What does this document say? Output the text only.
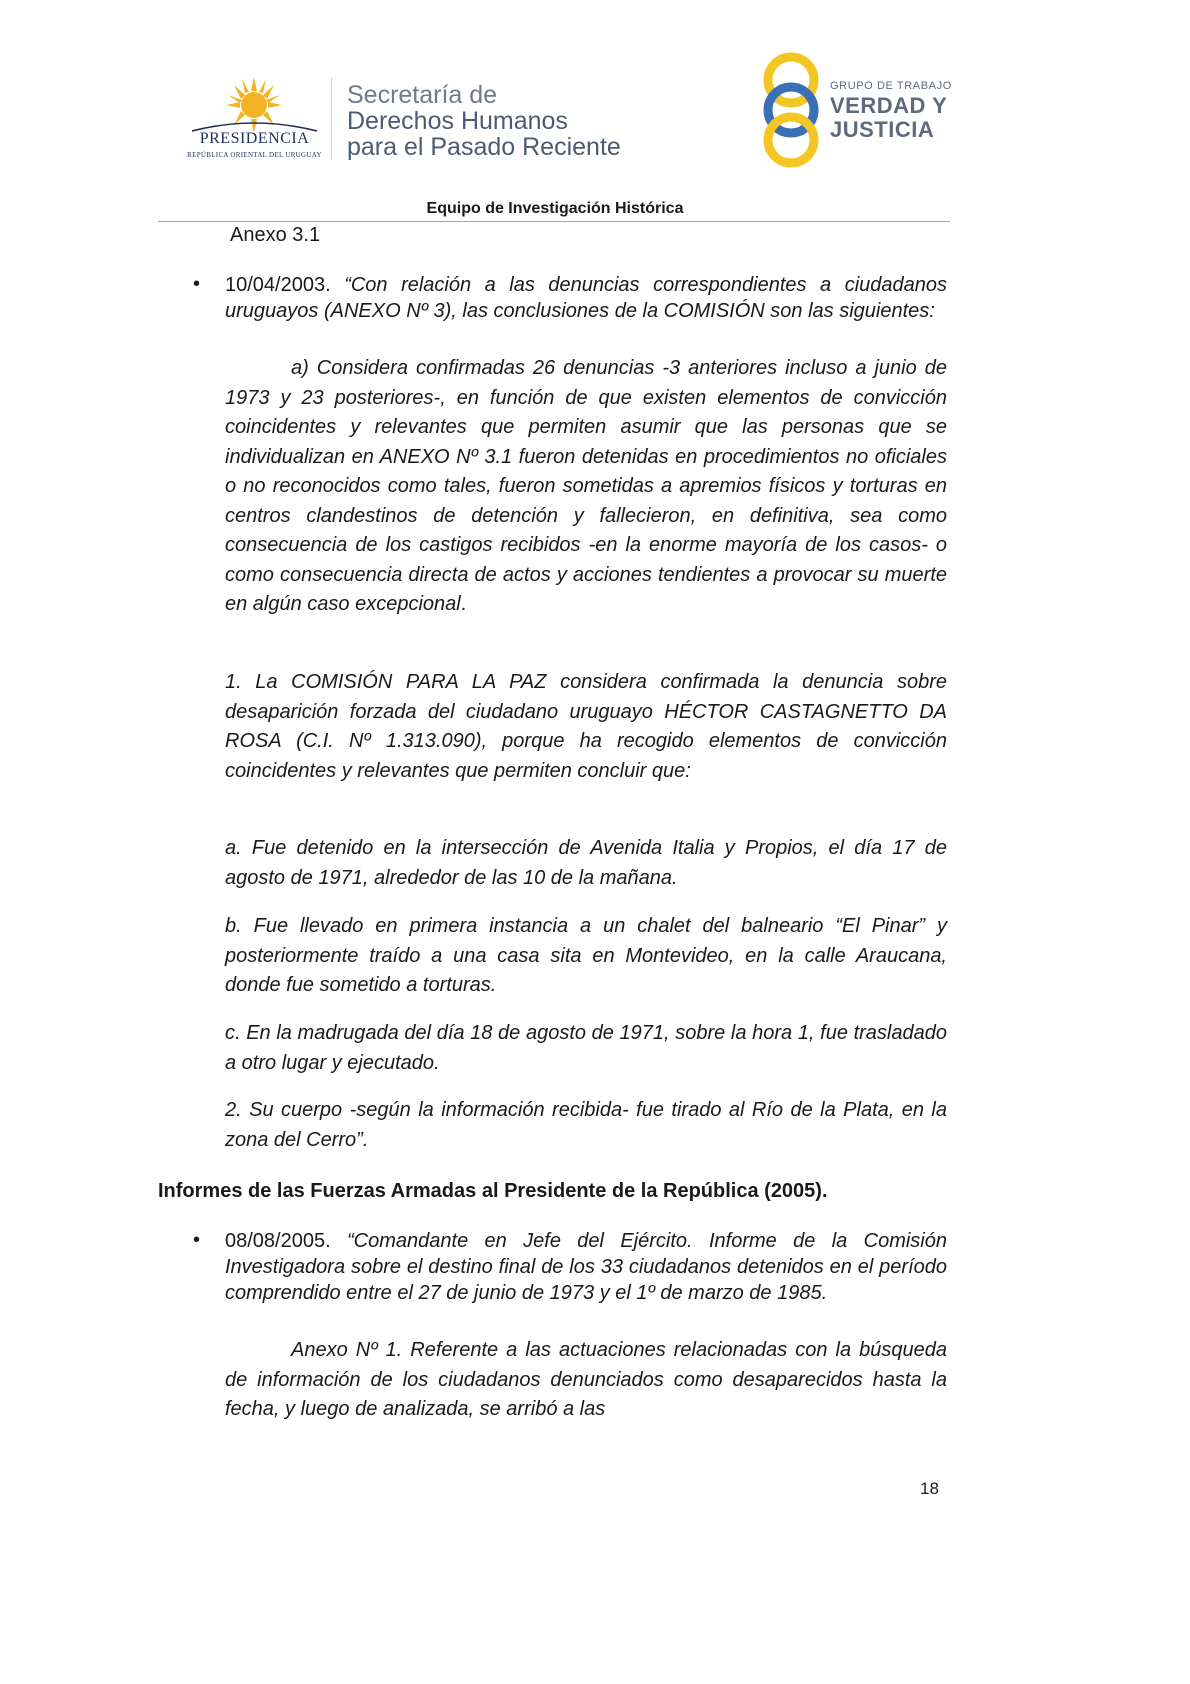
PRESIDENCIA
REPÚBLICA ORIENTAL DEL URUGUAY
Secretaría de
Derechos Humanos
para el Pasado Reciente
GRUPO DE TRABAJO
VERDAD Y
JUSTICIA
Equipo de Investigación Histórica
Anexo 3.1
• 10/04/2003. “Con relación a las denuncias correspondientes a ciudadanos uruguayos (ANEXO Nº 3), las conclusiones de la COMISIÓN son las siguientes:
a) Considera confirmadas 26 denuncias -3 anteriores incluso a junio de 1973 y 23 posteriores-, en función de que existen elementos de convicción coincidentes y relevantes que permiten asumir que las personas que se individualizan en ANEXO Nº 3.1 fueron detenidas en procedimientos no oficiales o no reconocidos como tales, fueron sometidas a apremios físicos y torturas en centros clandestinos de detención y fallecieron, en definitiva, sea como consecuencia de los castigos recibidos -en la enorme mayoría de los casos- o como consecuencia directa de actos y acciones tendientes a provocar su muerte en algún caso excepcional.
1. La COMISIÓN PARA LA PAZ considera confirmada la denuncia sobre desaparición forzada del ciudadano uruguayo HÉCTOR CASTAGNETTO DA ROSA (C.I. Nº 1.313.090), porque ha recogido elementos de convicción coincidentes y relevantes que permiten concluir que:
a. Fue detenido en la intersección de Avenida Italia y Propios, el día 17 de agosto de 1971, alrededor de las 10 de la mañana.
b. Fue llevado en primera instancia a un chalet del balneario “El Pinar” y posteriormente traído a una casa sita en Montevideo, en la calle Araucana, donde fue sometido a torturas.
c. En la madrugada del día 18 de agosto de 1971, sobre la hora 1, fue trasladado a otro lugar y ejecutado.
2. Su cuerpo -según la información recibida- fue tirado al Río de la Plata, en la zona del Cerro”.
Informes de las Fuerzas Armadas al Presidente de la República (2005).
• 08/08/2005. “Comandante en Jefe del Ejército. Informe de la Comisión Investigadora sobre el destino final de los 33 ciudadanos detenidos en el período comprendido entre el 27 de junio de 1973 y el 1º de marzo de 1985.
Anexo Nº 1. Referente a las actuaciones relacionadas con la búsqueda de información de los ciudadanos denunciados como desaparecidos hasta la fecha, y luego de analizada, se arribó a las
18
